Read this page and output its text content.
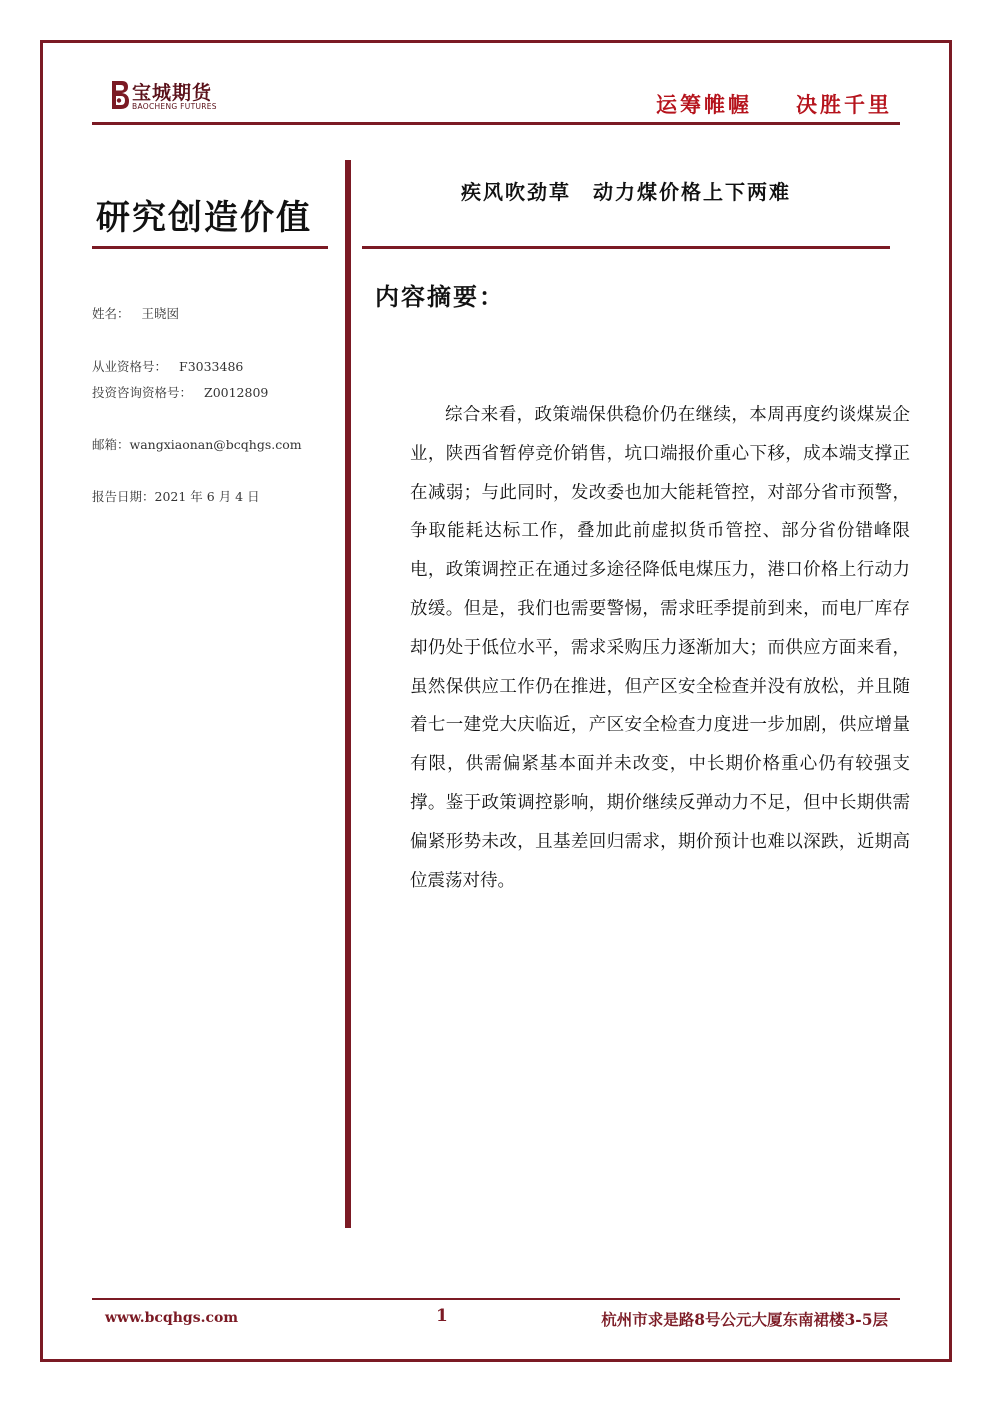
宝城期货
BAOCHENG FUTURES	运筹帷幄 决胜千里
研究创造价值
姓名： 王晓囡
从业资格号： F3033486
投资咨询资格号： Z0012809
邮箱：wangxiaonan@bcqhgs.com
报告日期：2021 年 6 月 4 日
疾风吹劲草　动力煤价格上下两难
内容摘要：

综合来看，政策端保供稳价仍在继续，本周再度约谈煤炭企业，陕西省暂停竞价销售，坑口端报价重心下移，成本端支撑正在减弱；与此同时，发改委也加大能耗管控，对部分省市预警，争取能耗达标工作，叠加此前虚拟货币管控、部分省份错峰限电，政策调控正在通过多途径降低电煤压力，港口价格上行动力放缓。但是，我们也需要警惕，需求旺季提前到来，而电厂库存却仍处于低位水平，需求采购压力逐渐加大；而供应方面来看，虽然保供应工作仍在推进，但产区安全检查并没有放松，并且随着七一建党大庆临近，产区安全检查力度进一步加剧，供应增量有限，供需偏紧基本面并未改变，中长期价格重心仍有较强支撑。鉴于政策调控影响，期价继续反弹动力不足，但中长期供需偏紧形势未改，且基差回归需求，期价预计也难以深跌，近期高位震荡对待。

www.bcqhgs.com	1	杭州市求是路8号公元大厦东南裙楼3-5层
